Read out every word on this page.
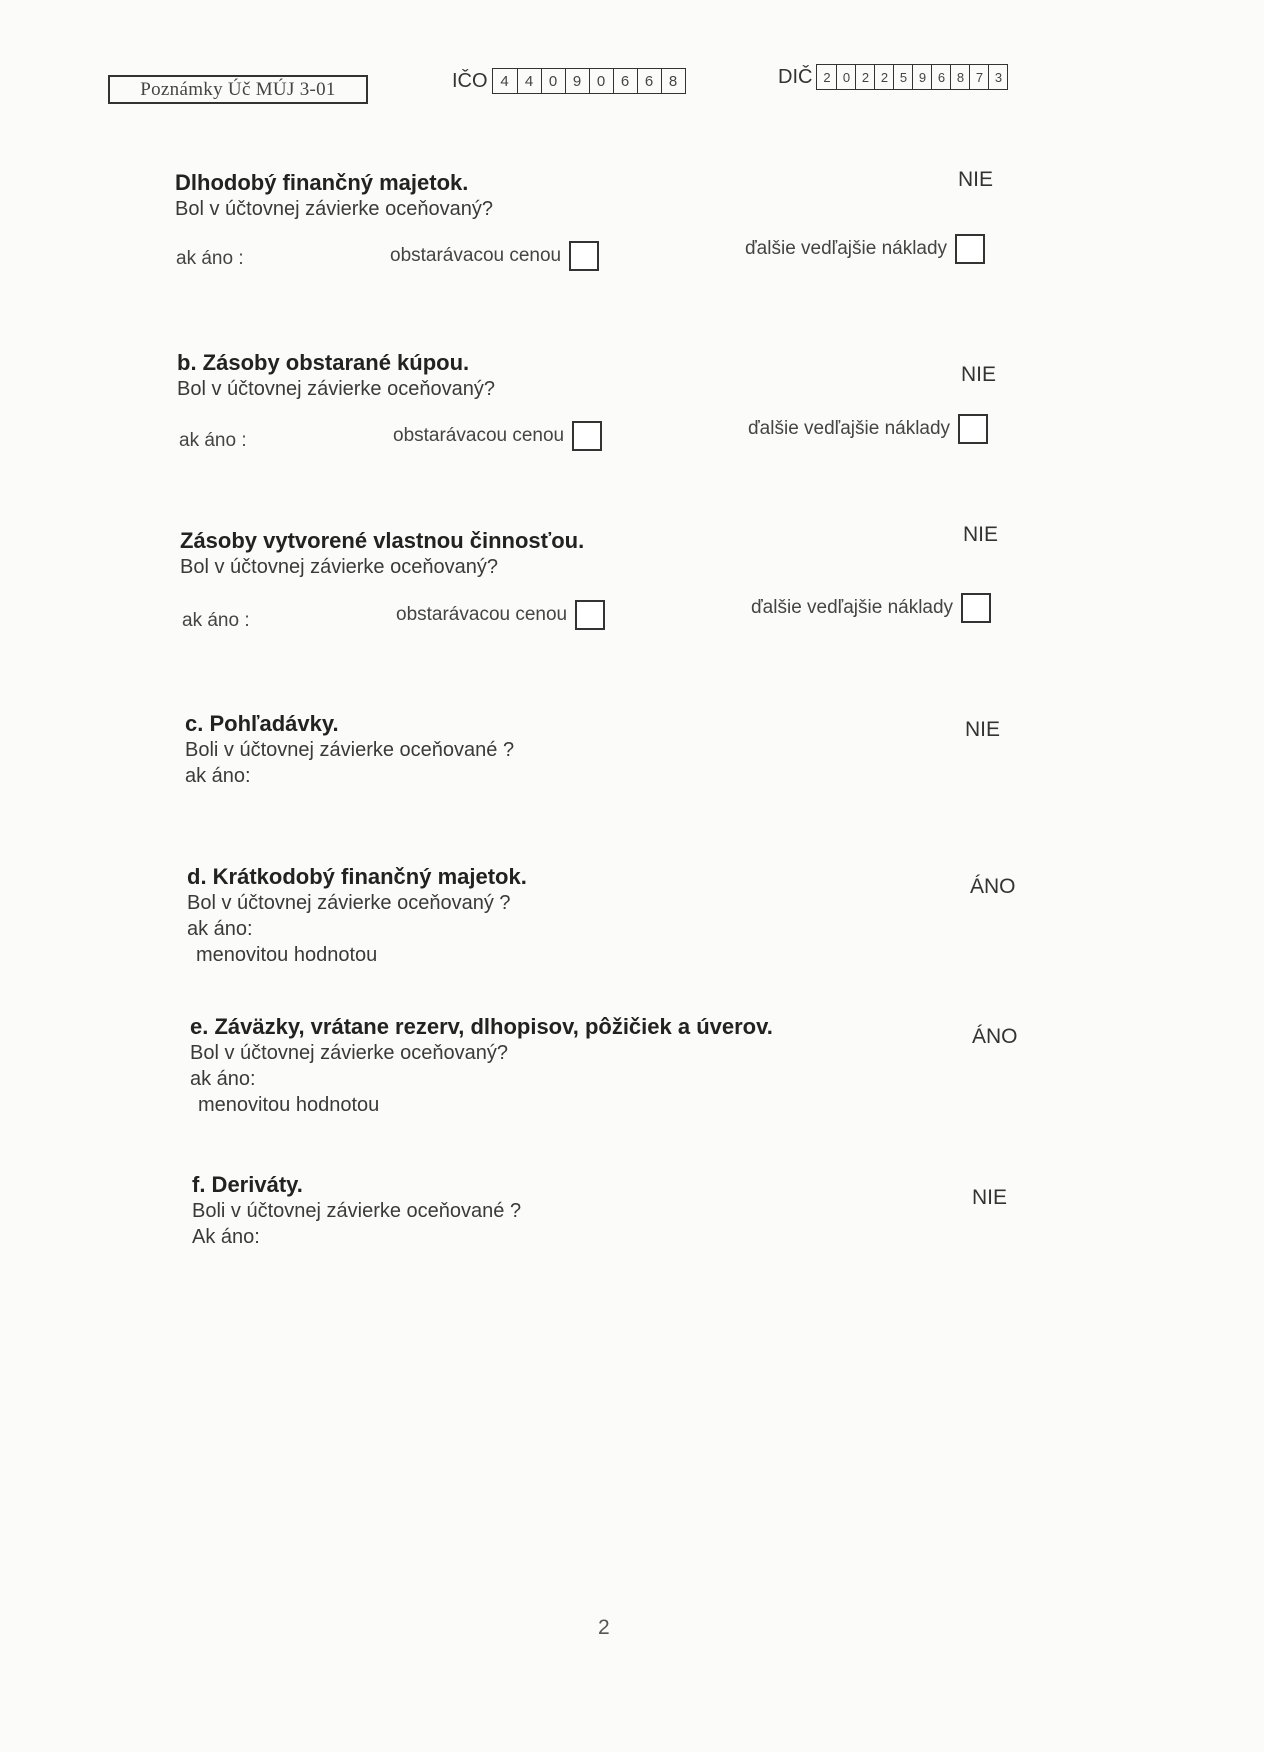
Poznámky Úč MÚJ 3-01	IČO 4	4	0	9	0	6	6	8	DIČ 2 0 2 2 5 9 6 8 7 3
Dlhodobý finančný majetok.
Bol v účtovnej závierke oceňovaný?
NIE
ak áno :	obstarávacou cenou	ďalšie vedľajšie náklady
b. Zásoby obstarané kúpou.
Bol v účtovnej závierke oceňovaný?
NIE
ak áno :	obstarávacou cenou	ďalšie vedľajšie náklady
Zásoby vytvorené vlastnou činnosťou.
Bol v účtovnej závierke oceňovaný?
NIE
ak áno :	obstarávacou cenou	ďalšie vedľajšie náklady
c. Pohľadávky.
Boli v účtovnej závierke oceňované ?
ak áno:
NIE
d. Krátkodobý finančný majetok.
Bol v účtovnej závierke oceňovaný ?
ak áno:
menovitou hodnotou
ÁNO
e. Záväzky, vrátane rezerv, dlhopisov, pôžičiek a úverov.
Bol v účtovnej závierke oceňovaný?
ak áno:
menovitou hodnotou
ÁNO
f. Deriváty.
Boli v účtovnej závierke oceňované ?
Ak áno:
NIE
2
